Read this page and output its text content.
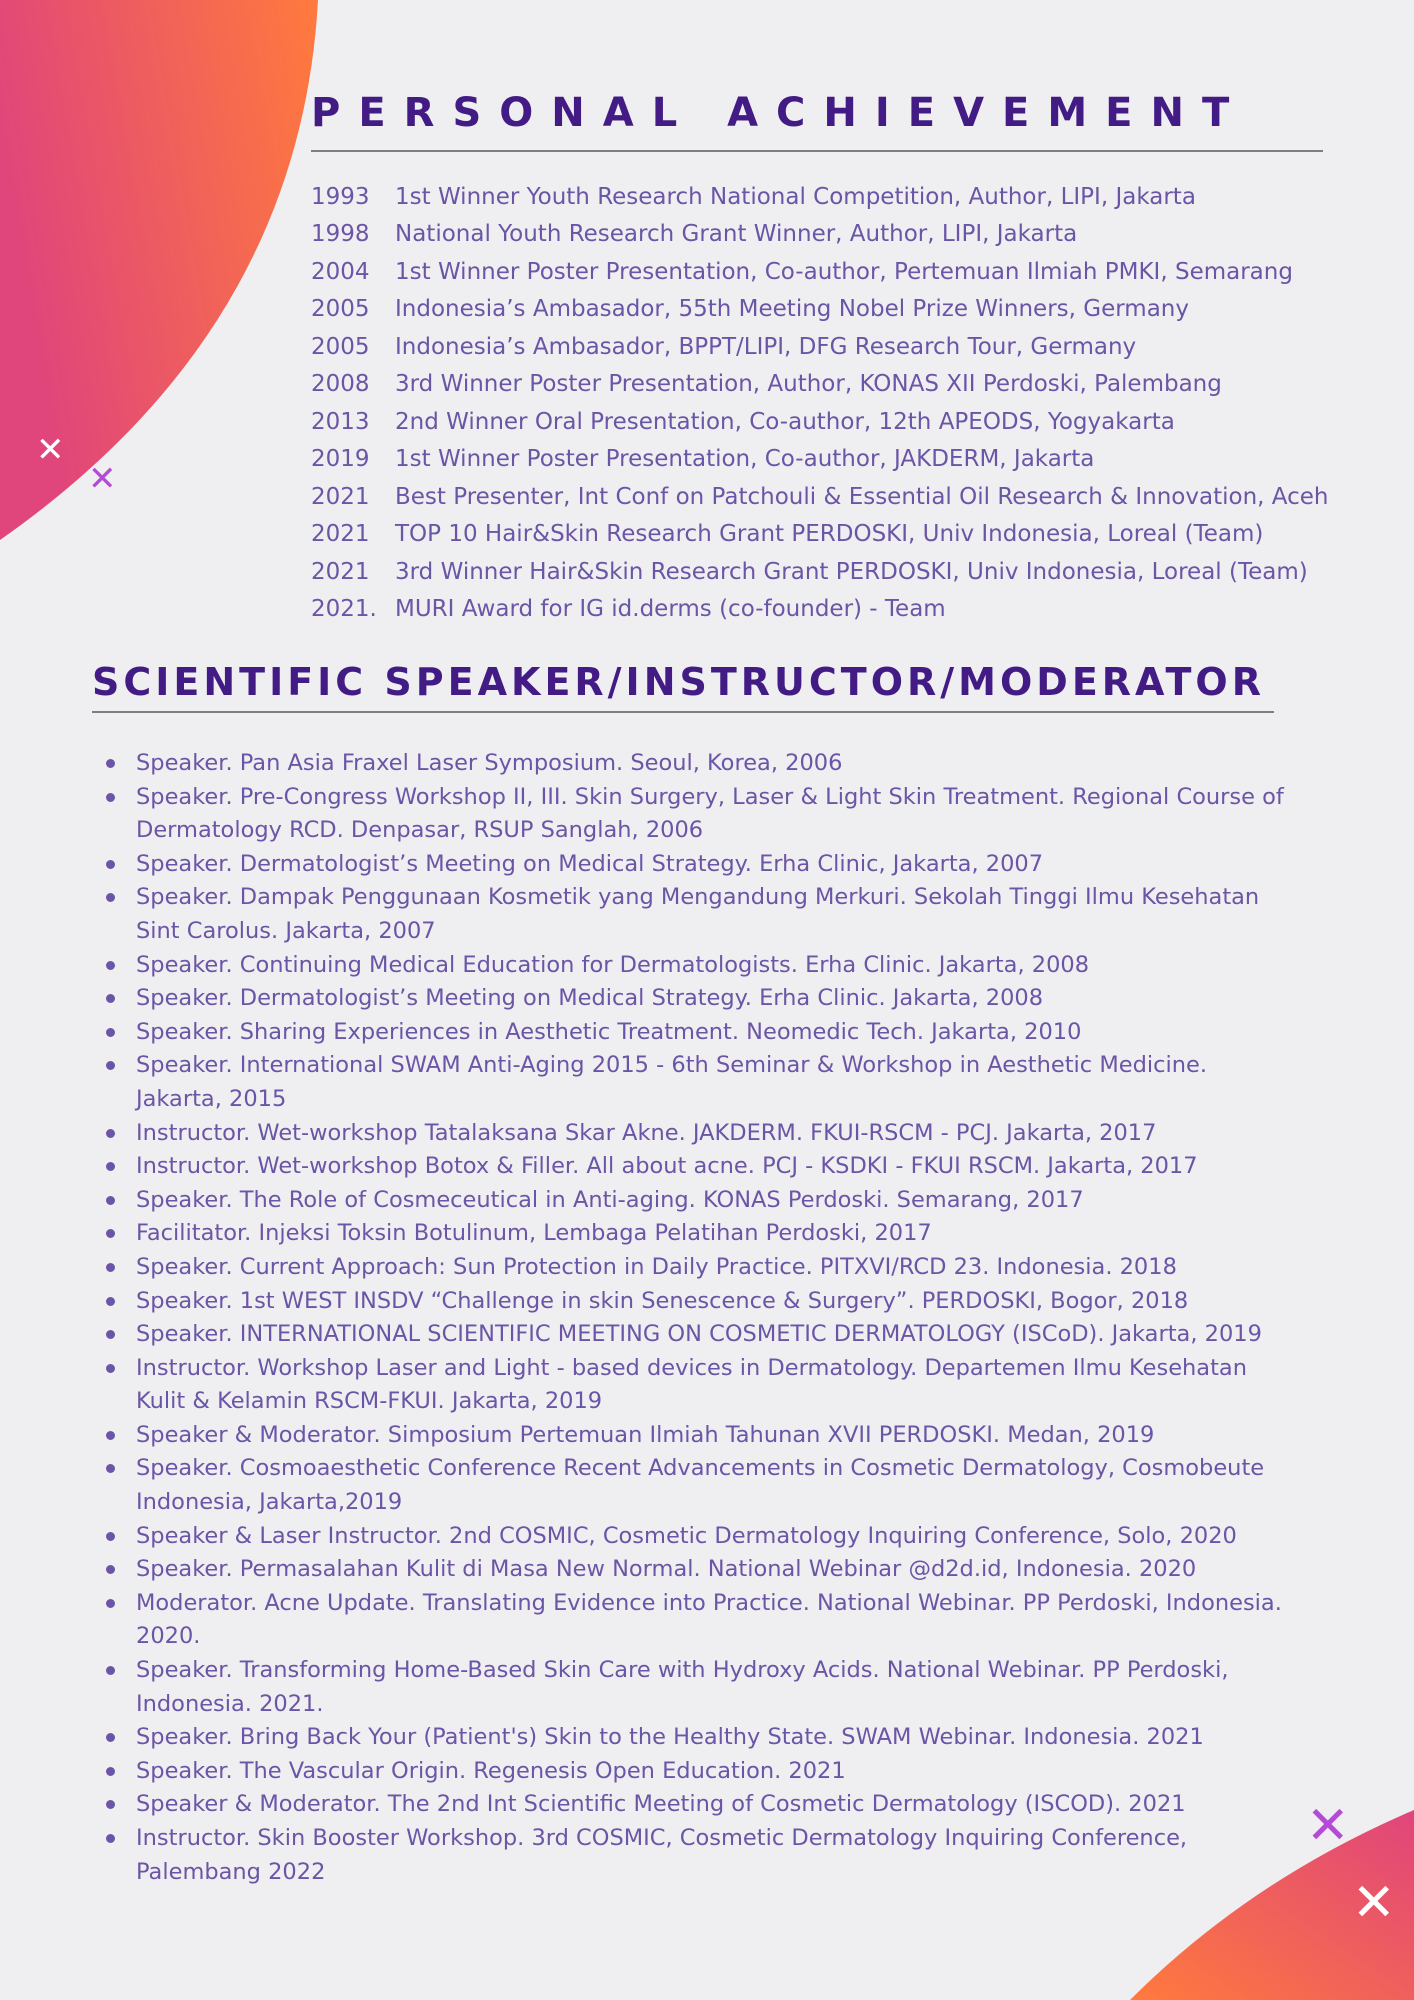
✕
✕
✕
✕
PERSONAL ACHIEVEMENT
1993	1st Winner Youth Research National Competition, Author, LIPI, Jakarta
1998	National Youth Research Grant Winner, Author, LIPI, Jakarta
2004	1st Winner Poster Presentation, Co-author, Pertemuan Ilmiah PMKI, Semarang
2005	Indonesia’s Ambasador, 55th Meeting Nobel Prize Winners, Germany
2005	Indonesia’s Ambasador, BPPT/LIPI, DFG Research Tour, Germany
2008	3rd Winner Poster Presentation, Author, KONAS XII Perdoski, Palembang
2013	2nd Winner Oral Presentation, Co-author, 12th APEODS, Yogyakarta
2019	1st Winner Poster Presentation, Co-author, JAKDERM, Jakarta
2021	Best Presenter, Int Conf on Patchouli & Essential Oil Research & Innovation, Aceh
2021	TOP 10 Hair&Skin Research Grant PERDOSKI, Univ Indonesia, Loreal (Team)
2021	3rd Winner Hair&Skin Research Grant PERDOSKI, Univ Indonesia, Loreal (Team)
2021. MURI Award for IG id.derms (co-founder) - Team
SCIENTIFIC SPEAKER/INSTRUCTOR/MODERATOR
Speaker. Pan Asia Fraxel Laser Symposium. Seoul, Korea, 2006
Speaker. Pre-Congress Workshop II, III. Skin Surgery, Laser & Light Skin Treatment. Regional Course of Dermatology RCD. Denpasar, RSUP Sanglah, 2006
Speaker. Dermatologist’s Meeting on Medical Strategy. Erha Clinic, Jakarta, 2007
Speaker. Dampak Penggunaan Kosmetik yang Mengandung Merkuri. Sekolah Tinggi Ilmu Kesehatan Sint Carolus. Jakarta, 2007
Speaker. Continuing Medical Education for Dermatologists. Erha Clinic. Jakarta, 2008
Speaker. Dermatologist’s Meeting on Medical Strategy. Erha Clinic. Jakarta, 2008
Speaker. Sharing Experiences in Aesthetic Treatment. Neomedic Tech. Jakarta, 2010
Speaker. International SWAM Anti-Aging 2015 - 6th Seminar & Workshop in Aesthetic Medicine. Jakarta, 2015
Instructor. Wet-workshop Tatalaksana Skar Akne. JAKDERM. FKUI-RSCM - PCJ. Jakarta, 2017
Instructor. Wet-workshop Botox & Filler. All about acne. PCJ - KSDKI - FKUI RSCM. Jakarta, 2017
Speaker. The Role of Cosmeceutical in Anti-aging. KONAS Perdoski. Semarang, 2017
Facilitator. Injeksi Toksin Botulinum, Lembaga Pelatihan Perdoski, 2017
Speaker. Current Approach: Sun Protection in Daily Practice. PITXVI/RCD 23. Indonesia. 2018
Speaker. 1st WEST INSDV “Challenge in skin Senescence & Surgery”. PERDOSKI, Bogor, 2018
Speaker. INTERNATIONAL SCIENTIFIC MEETING ON COSMETIC DERMATOLOGY (ISCoD). Jakarta, 2019
Instructor. Workshop Laser and Light - based devices in Dermatology. Departemen Ilmu Kesehatan Kulit & Kelamin RSCM-FKUI. Jakarta, 2019
Speaker & Moderator. Simposium Pertemuan Ilmiah Tahunan XVII PERDOSKI. Medan, 2019
Speaker. Cosmoaesthetic Conference Recent Advancements in Cosmetic Dermatology, Cosmobeute Indonesia, Jakarta,2019
Speaker & Laser Instructor. 2nd COSMIC, Cosmetic Dermatology Inquiring Conference, Solo, 2020
Speaker. Permasalahan Kulit di Masa New Normal. National Webinar @d2d.id, Indonesia. 2020
Moderator. Acne Update. Translating Evidence into Practice. National Webinar. PP Perdoski, Indonesia. 2020.
Speaker. Transforming Home-Based Skin Care with Hydroxy Acids. National Webinar. PP Perdoski, Indonesia. 2021.
Speaker. Bring Back Your (Patient's) Skin to the Healthy State. SWAM Webinar. Indonesia. 2021
Speaker. The Vascular Origin. Regenesis Open Education. 2021
Speaker & Moderator. The 2nd Int Scientific Meeting of Cosmetic Dermatology (ISCOD). 2021
Instructor. Skin Booster Workshop. 3rd COSMIC, Cosmetic Dermatology Inquiring Conference, Palembang 2022
